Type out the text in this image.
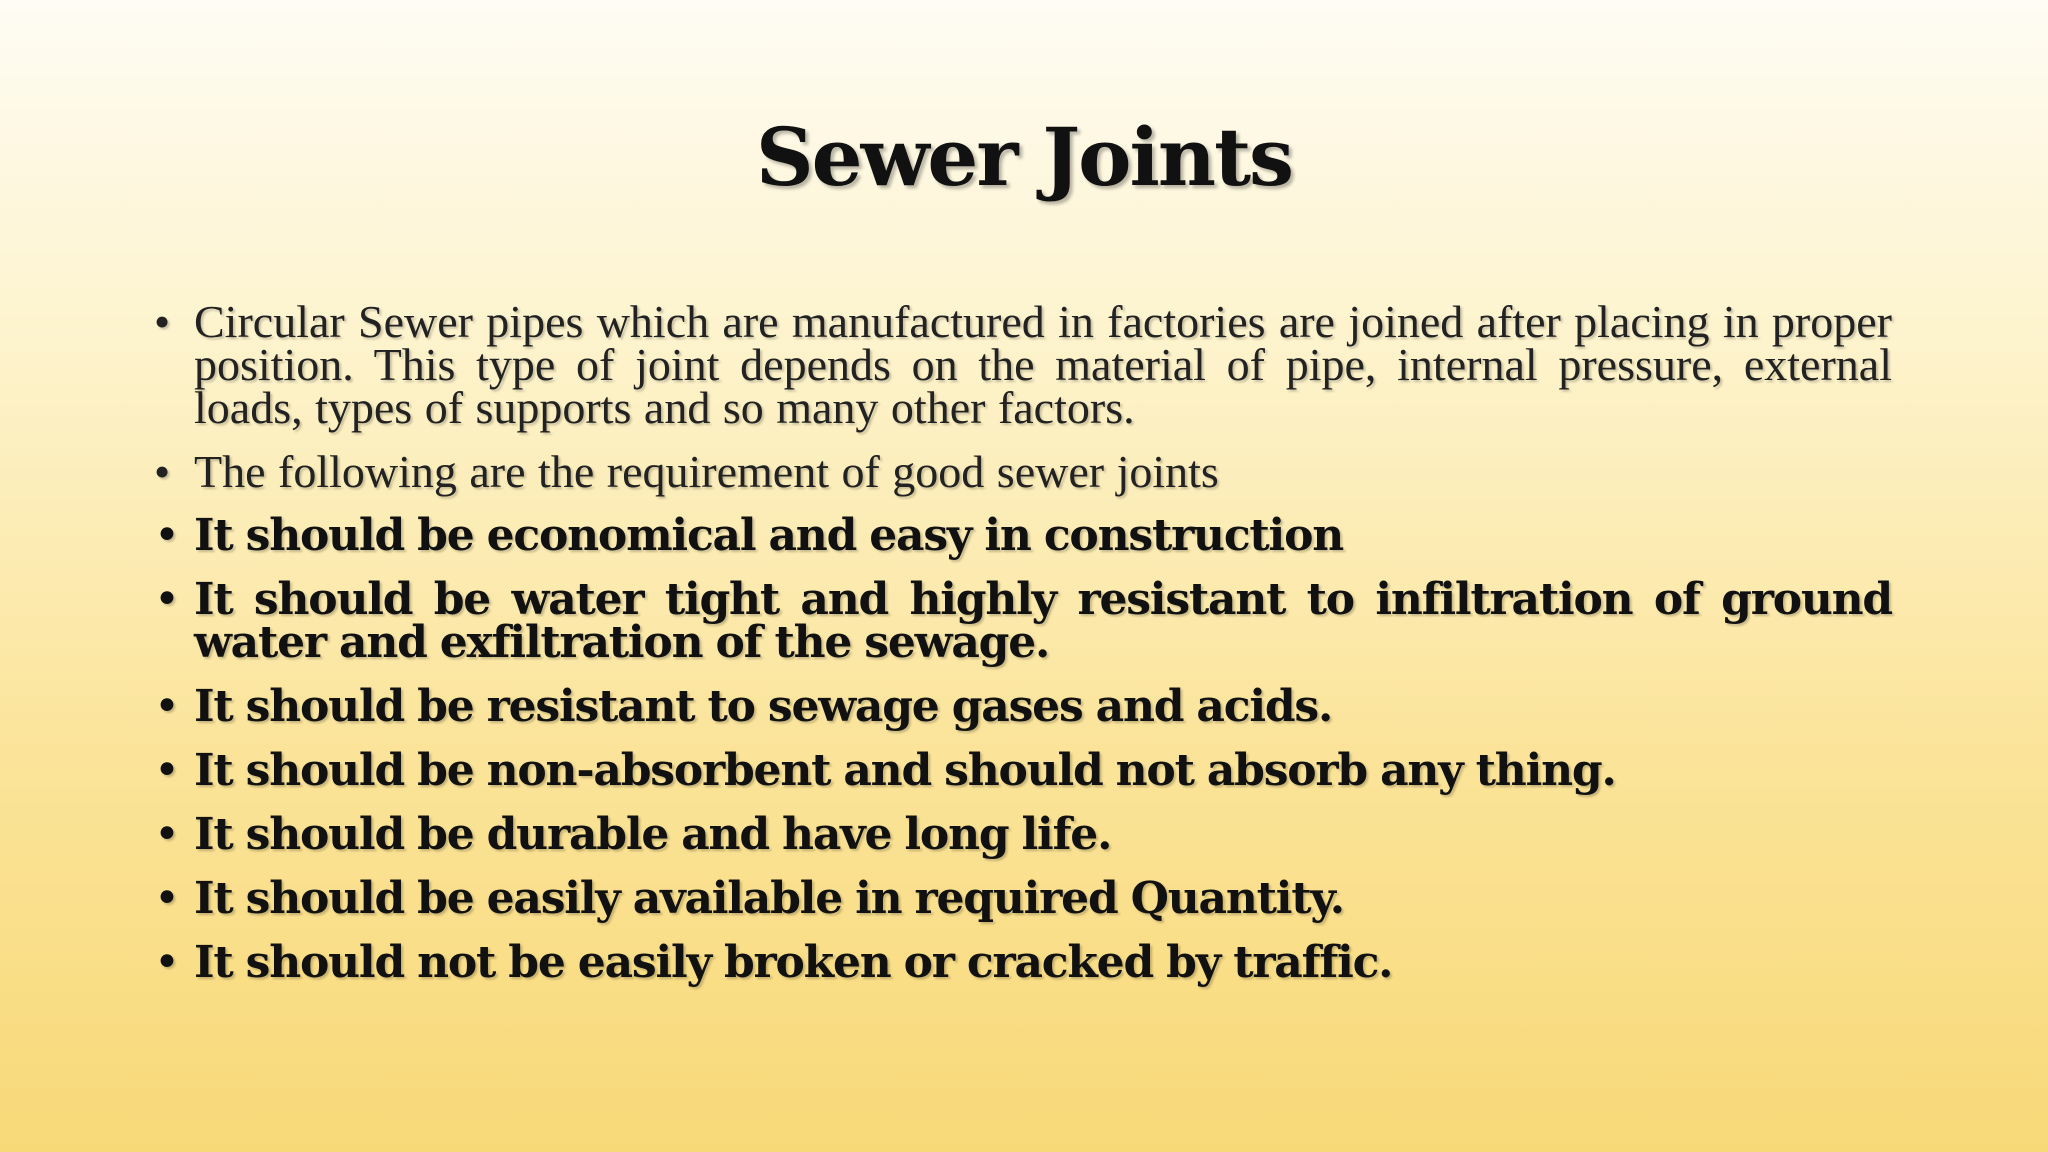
Sewer Joints
• Circular Sewer pipes which are manufactured in factories are joined after placing in proper position. This type of joint depends on the material of pipe, internal pressure, external loads, types of supports and so many other factors.
• The following are the requirement of good sewer joints
• It should be economical and easy in construction
• It should be water tight and highly resistant to infiltration of ground water and exfiltration of the sewage.
• It should be resistant to sewage gases and acids.
• It should be non-absorbent and should not absorb any thing.
• It should be durable and have long life.
• It should be easily available in required Quantity.
• It should not be easily broken or cracked by traffic.
